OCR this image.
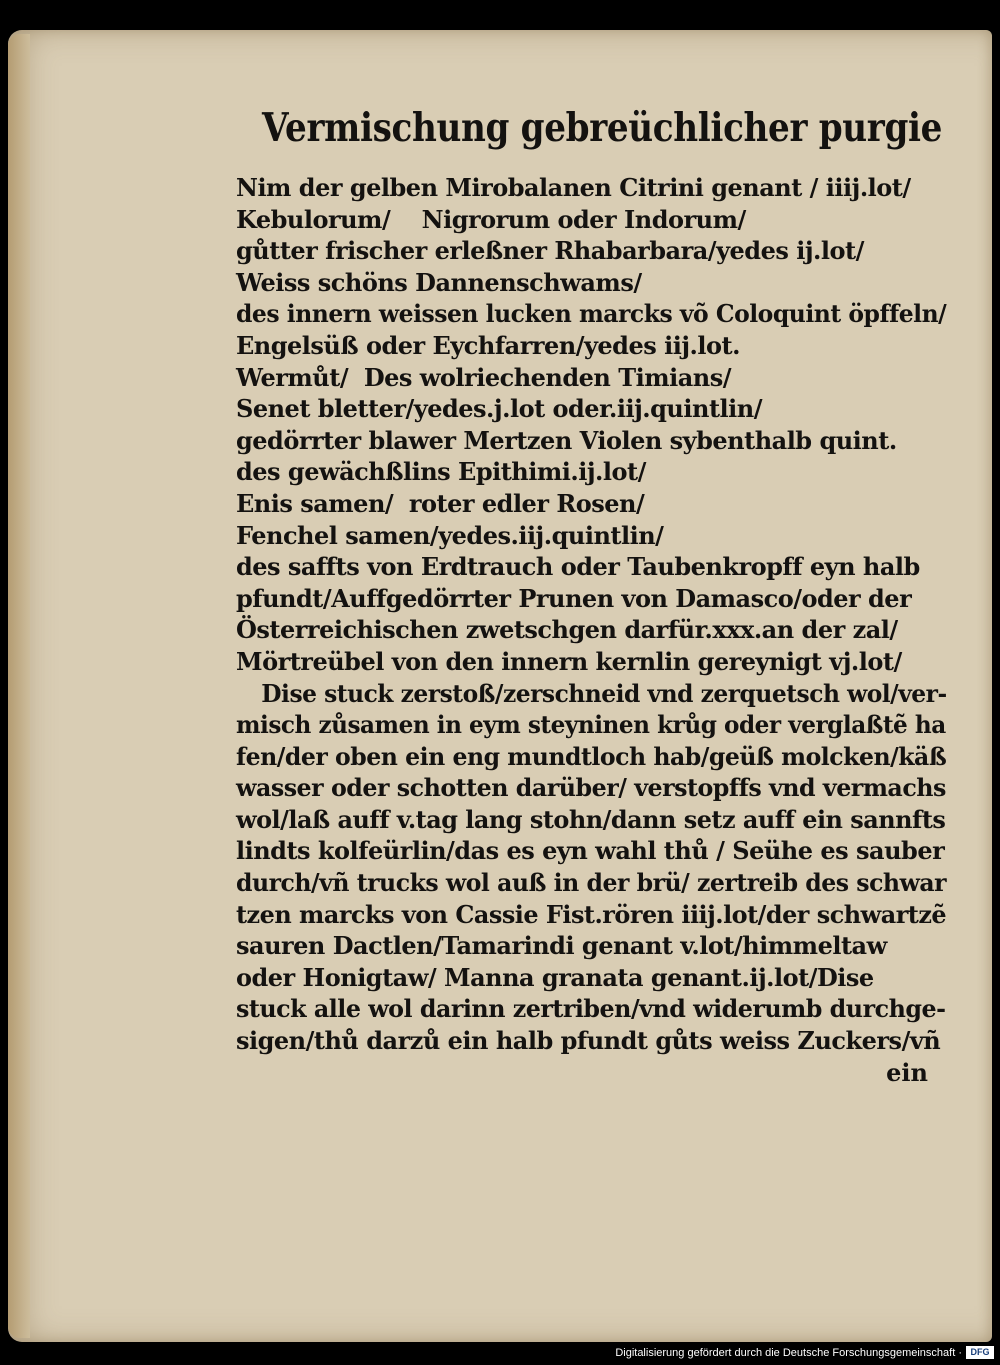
Vermischung gebreüchlicher purgie
Nim der gelben Mirobalanen Citrini genant / iiij.lot/
Kebulorum/    Nigrorum oder Indorum/
gůtter frischer erleßner Rhabarbara/yedes ij.lot/
Weiss schöns Dannenschwams/
des innern weissen lucken marcks võ Coloquint öpffeln/
Engelsüß oder Eychfarren/yedes iij.lot.
Wermůt/  Des wolriechenden Timians/
Senet bletter/yedes.j.lot oder.iij.quintlin/
gedörrter blawer Mertzen Violen sybenthalb quint.
des gewächßlins Epithimi.ij.lot/
Enis samen/  roter edler Rosen/
Fenchel samen/yedes.iij.quintlin/
des saffts von Erdtrauch oder Taubenkropff eyn halb
pfundt/Auffgedörrter Prunen von Damasco/oder der
Österreichischen zwetschgen darfür.xxx.an der zal/
Mörtreübel von den innern kernlin gereynigt vj.lot/
Dise stuck zerstoß/zerschneid vnd zerquetsch wol/ver-
misch zůsamen in eym steyninen krůg oder verglaßtẽ ha
fen/der oben ein eng mundtloch hab/geüß molcken/käß
wasser oder schotten darüber/ verstopffs vnd vermachs
wol/laß auff v.tag lang stohn/dann setz auff ein sannfts
lindts kolfeürlin/das es eyn wahl thů / Seühe es sauber
durch/vñ trucks wol auß in der brü/ zertreib des schwar
tzen marcks von Cassie Fist.rören iiij.lot/der schwartzẽ
sauren Dactlen/Tamarindi genant v.lot/himmeltaw
oder Honigtaw/ Manna granata genant.ij.lot/Dise
stuck alle wol darinn zertriben/vnd widerumb durchge-
sigen/thů darzů ein halb pfundt gůts weiss Zuckers/vñ
ein
Digitalisierung gefördert durch die Deutsche Forschungsgemeinschaft · DFG
